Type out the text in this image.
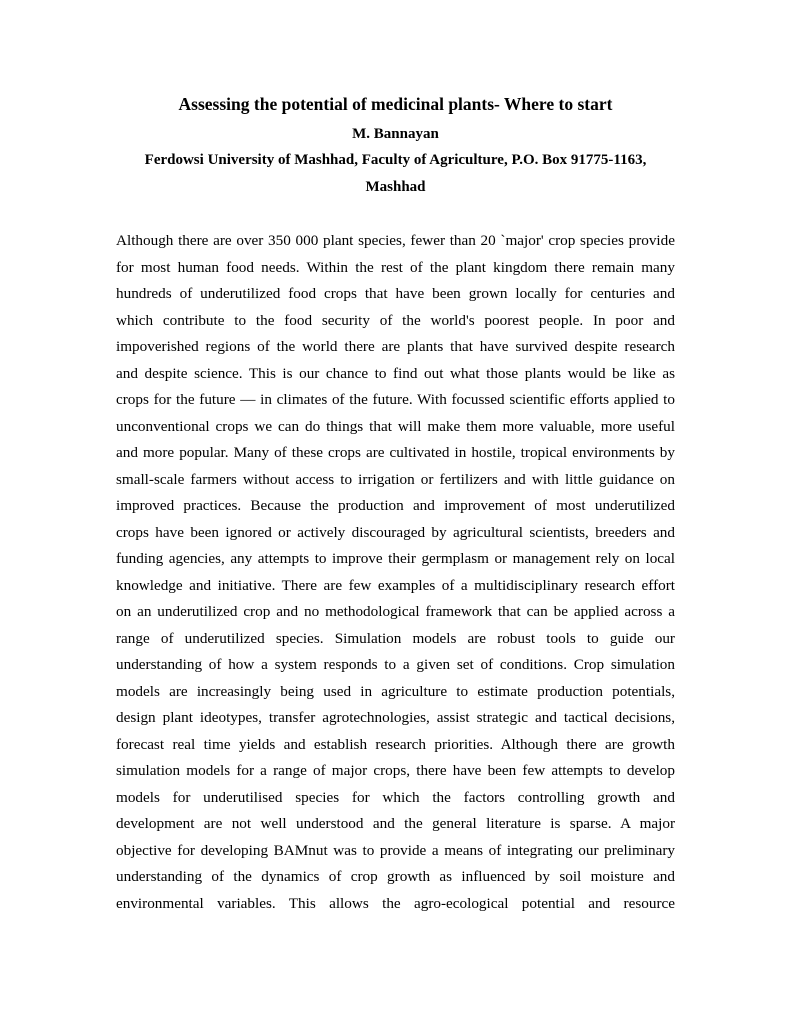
Assessing the potential of medicinal plants- Where to start
M. Bannayan
Ferdowsi University of Mashhad, Faculty of Agriculture, P.O. Box 91775-1163,
Mashhad
Although there are over 350 000 plant species, fewer than 20 `major' crop species provide
for most human food needs. Within the rest of the plant kingdom there remain many
hundreds of underutilized food crops that have been grown locally for centuries and
which contribute to the food security of the world's poorest people. In poor and
impoverished regions of the world there are plants that have survived despite research
and despite science. This is our chance to find out what those plants would be like as
crops for the future — in climates of the future. With focussed scientific efforts applied to
unconventional crops we can do things that will make them more valuable, more useful
and more popular. Many of these crops are cultivated in hostile, tropical environments by
small-scale farmers without access to irrigation or fertilizers and with little guidance on
improved practices. Because the production and improvement of most underutilized
crops have been ignored or actively discouraged by agricultural scientists, breeders and
funding agencies, any attempts to improve their germplasm or management rely on local
knowledge and initiative. There are few examples of a multidisciplinary research effort
on an underutilized crop and no methodological framework that can be applied across a
range of underutilized species. Simulation models are robust tools to guide our
understanding of how a system responds to a given set of conditions. Crop simulation
models are increasingly being used in agriculture to estimate production potentials,
design plant ideotypes, transfer agrotechnologies, assist strategic and tactical decisions,
forecast real time yields and establish research priorities. Although there are growth
simulation models for a range of major crops, there have been few attempts to develop
models for underutilised species for which the factors controlling growth and
development are not well understood and the general literature is sparse. A major
objective for developing BAMnut was to provide a means of integrating our preliminary
understanding of the dynamics of crop growth as influenced by soil moisture and
environmental variables. This allows the agro-ecological potential and resource
